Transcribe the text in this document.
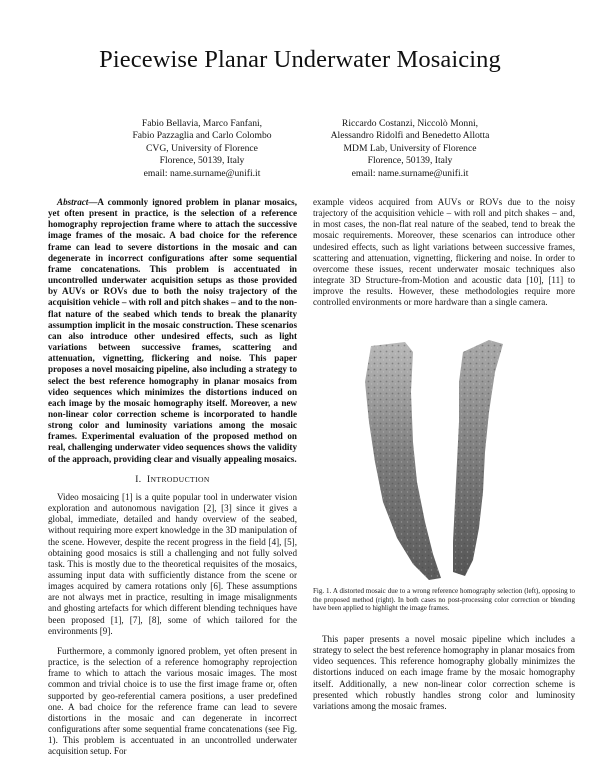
Piecewise Planar Underwater Mosaicing
Fabio Bellavia, Marco Fanfani,
Fabio Pazzaglia and Carlo Colombo
CVG, University of Florence
Florence, 50139, Italy
email: name.surname@unifi.it
Riccardo Costanzi, Niccolò Monni,
Alessandro Ridolfi and Benedetto Allotta
MDM Lab, University of Florence
Florence, 50139, Italy
email: name.surname@unifi.it

Abstract—A commonly ignored problem in planar mosaics, yet often present in practice, is the selection of a reference homography reprojection frame where to attach the successive image frames of the mosaic. A bad choice for the reference frame can lead to severe distortions in the mosaic and can degenerate in incorrect configurations after some sequential frame concatenations. This problem is accentuated in uncontrolled underwater acquisition setups as those provided by AUVs or ROVs due to both the noisy trajectory of the acquisition vehicle – with roll and pitch shakes – and to the non-flat nature of the seabed which tends to break the planarity assumption implicit in the mosaic construction. These scenarios can also introduce other undesired effects, such as light variations between successive frames, scattering and attenuation, vignetting, flickering and noise. This paper proposes a novel mosaicing pipeline, also including a strategy to select the best reference homography in planar mosaics from video sequences which minimizes the distortions induced on each image by the mosaic homography itself. Moreover, a new non-linear color correction scheme is incorporated to handle strong color and luminosity variations among the mosaic frames. Experimental evaluation of the proposed method on real, challenging underwater video sequences shows the validity of the approach, providing clear and visually appealing mosaics.

I. INTRODUCTION

Video mosaicing [1] is a quite popular tool in underwater vision exploration and autonomous navigation [2], [3] since it gives a global, immediate, detailed and handy overview of the seabed, without requiring more expert knowledge in the 3D manipulation of the scene. However, despite the recent progress in the field [4], [5], obtaining good mosaics is still a challenging and not fully solved task. This is mostly due to the theoretical requisites of the mosaics, assuming input data with sufficiently distance from the scene or images acquired by camera rotations only [6]. These assumptions are not always met in practice, resulting in image misalignments and ghosting artefacts for which different blending techniques have been proposed [1], [7], [8], some of which tailored for the environments [9].

Furthermore, a commonly ignored problem, yet often present in practice, is the selection of a reference homography reprojection frame to which to attach the various mosaic images. The most common and trivial choice is to use the first image frame or, often supported by geo-referential camera positions, a user predefined one. A bad choice for the reference frame can lead to severe distortions in the mosaic and can degenerate in incorrect configurations after some sequential frame concatenations (see Fig. 1). This problem is accentuated in an uncontrolled underwater acquisition setup. For

example videos acquired from AUVs or ROVs due to the noisy trajectory of the acquisition vehicle – with roll and pitch shakes – and, in most cases, the non-flat real nature of the seabed, tend to break the mosaic requirements. Moreover, these scenarios can introduce other undesired effects, such as light variations between successive frames, scattering and attenuation, vignetting, flickering and noise. In order to overcome these issues, recent underwater mosaic techniques also integrate 3D Structure-from-Motion and acoustic data [10], [11] to improve the results. However, these methodologies require more controlled environments or more hardware than a single camera.

Fig. 1. A distorted mosaic due to a wrong reference homography selection (left), opposing to the proposed method (right). In both cases no post-processing color correction or blending have been applied to highlight the image frames.

This paper presents a novel mosaic pipeline which includes a strategy to select the best reference homography in planar mosaics from video sequences. This reference homography globally minimizes the distortions induced on each image frame by the mosaic homography itself. Additionally, a new non-linear color correction scheme is presented which robustly handles strong color and luminosity variations among the mosaic frames.
